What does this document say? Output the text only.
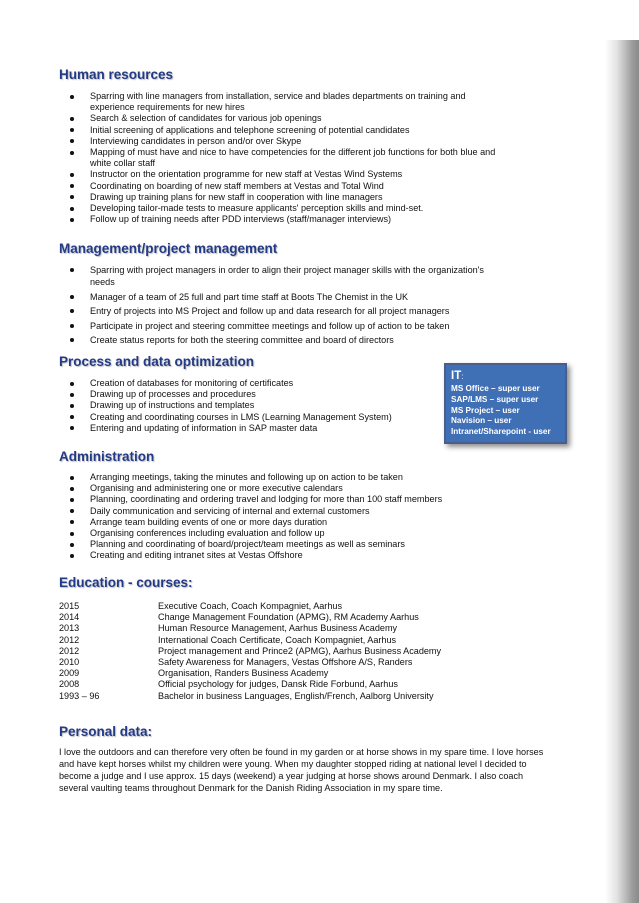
Human resources
Sparring with line managers from installation, service and blades departments on training and experience requirements for new hires
Search & selection of candidates for various job openings
Initial screening of applications and telephone screening of potential candidates
Interviewing candidates in person and/or over Skype
Mapping of must have and nice to have competencies for the different job functions for both blue and white collar staff
Instructor on the orientation programme for new staff at Vestas Wind Systems
Coordinating on boarding of new staff members at Vestas and Total Wind
Drawing up training plans for new staff in cooperation with line managers
Developing tailor-made tests to measure applicants' perception skills and mind-set.
Follow up of training needs after PDD interviews (staff/manager interviews)
Management/project management
Sparring with project managers in order to align their project manager skills with the organization's needs
Manager of a team of 25 full and part time staff at Boots The Chemist in the UK
Entry of projects into MS Project and follow up and data research for all project managers
Participate in project and steering committee meetings and follow up of action to be taken
Create status reports for both the steering committee and board of directors
Process and data optimization
Creation of databases for monitoring of certificates
Drawing up of processes and procedures
Drawing up of instructions and templates
Creating and coordinating courses in LMS (Learning Management System)
Entering and updating of information in SAP master data
Administration
Arranging meetings, taking the minutes and following up on action to be taken
Organising and administering one or more executive calendars
Planning, coordinating and ordering travel and lodging for more than 100 staff members
Daily communication and servicing of internal and external customers
Arrange team building events of one or more days duration
Organising conferences including evaluation and follow up
Planning and coordinating of board/project/team meetings as well as seminars
Creating and editing intranet sites at Vestas Offshore
Education - courses:
2015	Executive Coach, Coach Kompagniet, Aarhus
2014	Change Management Foundation (APMG), RM Academy Aarhus
2013	Human Resource Management, Aarhus Business Academy
2012	International Coach Certificate, Coach Kompagniet, Aarhus
2012	Project management and Prince2 (APMG), Aarhus Business Academy
2010	Safety Awareness for Managers, Vestas Offshore A/S, Randers
2009	Organisation, Randers Business Academy
2008	Official psychology for judges, Dansk Ride Forbund, Aarhus
1993 – 96	Bachelor in business Languages, English/French, Aalborg University
Personal data:

I love the outdoors and can therefore very often be found in my garden or at horse shows in my spare time. I love horses and have kept horses whilst my children were young. When my daughter stopped riding at national level I decided to become a judge and I use approx. 15 days (weekend) a year judging at horse shows around Denmark. I also coach several vaulting teams throughout Denmark for the Danish Riding Association in my spare time.

IT:
MS Office – super user
SAP/LMS – super user
MS Project – user
Navision – user
Intranet/Sharepoint - user
